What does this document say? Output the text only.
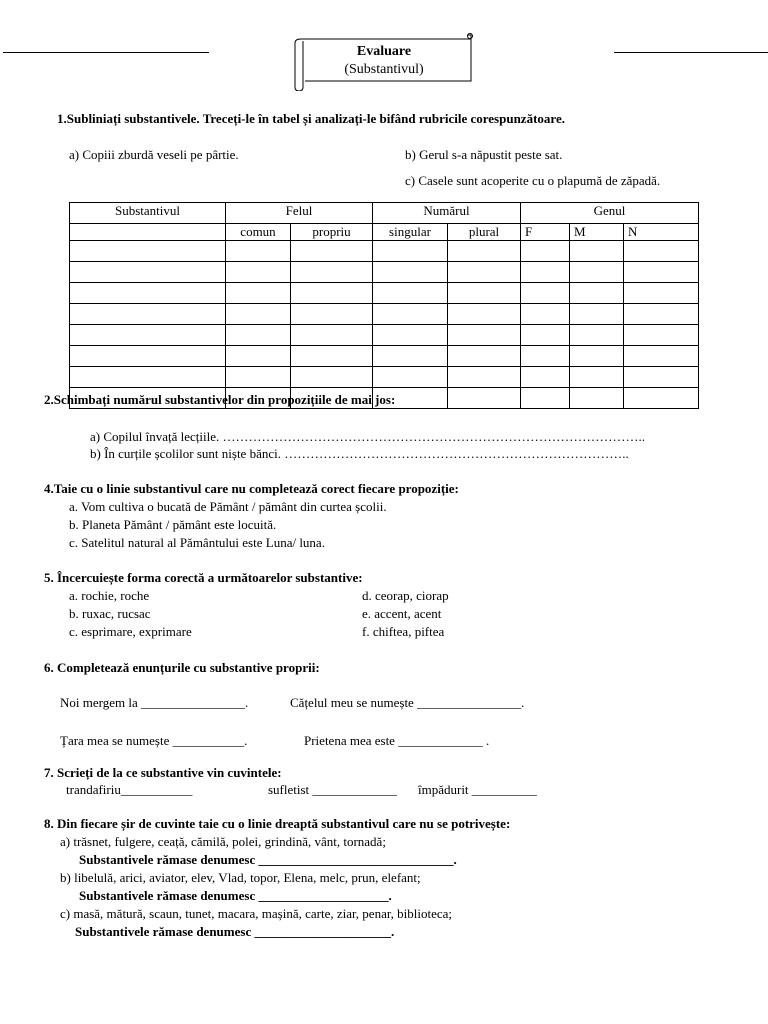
Evaluare
(Substantivul)
1.Subliniați substantivele. Treceți-le în tabel și analizați-le bifând rubricile corespunzătoare.
a) Copiii zburdă veseli pe pârtie.	b) Gerul s-a năpustit peste sat.
c) Casele sunt acoperite cu o plapumă de zăpadă.
Substantivul	Felul		Numărul		Genul		
	comun	propriu	singular	plural	F	M	N

2.Schimbați numărul substantivelor din propozițiile de mai jos:
a) Copilul învață lecțiile. ……………………………………………………………………………………..
b) În curțile școlilor sunt niște bănci. ……………………………………………………………………..
4.Taie cu o linie substantivul care nu completează corect fiecare propoziție:
a. Vom cultiva o bucată de Pământ / pământ din curtea școlii.
b. Planeta Pământ / pământ este locuită.
c. Satelitul natural al Pământului este Luna/ luna.
5. Încercuiește forma corectă a următoarelor substantive:
a. rochie, roche
b. ruxac, rucsac
c. esprimare, exprimare
d. ceorap, ciorap
e. accent, acent
f. chiftea, piftea
6. Completează enunțurile cu substantive proprii:
Noi mergem la ________________.	Cățelul meu se numește ________________.
Țara mea se numește ___________.	Prietena mea este _____________ .
7. Scrieți de la ce substantive vin cuvintele:
trandafiriu___________	sufletist _____________ împădurit __________
8. Din fiecare șir de cuvinte taie cu o linie dreaptă substantivul care nu se potrivește:
a) trăsnet, fulgere, ceață, cămilă, polei, grindină, vânt, tornadă;
Substantivele rămase denumesc ______________________________.
b) libelulă, arici, aviator, elev, Vlad, topor, Elena, melc, prun, elefant;
Substantivele rămase denumesc ____________________.
c) masă, mătură, scaun, tunet, macara, mașină, carte, ziar, penar, biblioteca;
Substantivele rămase denumesc _____________________.
